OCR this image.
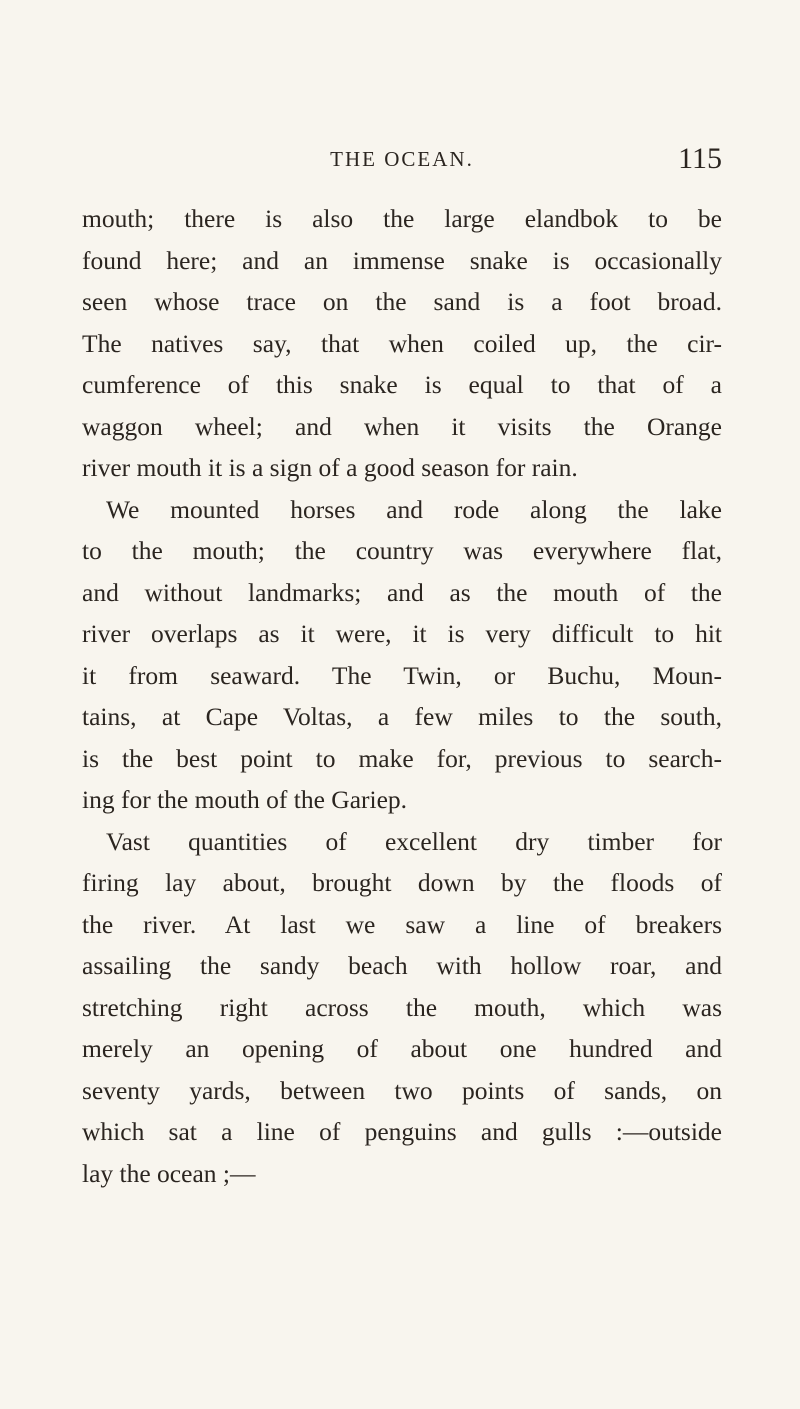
THE OCEAN.	115
mouth; there is also the large elandbok to be
found here; and an immense snake is occasionally
seen whose trace on the sand is a foot broad.
The natives say, that when coiled up, the cir-
cumference of this snake is equal to that of a
waggon wheel; and when it visits the Orange
river mouth it is a sign of a good season for rain.
We mounted horses and rode along the lake
to the mouth; the country was everywhere flat,
and without landmarks; and as the mouth of the
river overlaps as it were, it is very difficult to hit
it from seaward. The Twin, or Buchu, Moun-
tains, at Cape Voltas, a few miles to the south,
is the best point to make for, previous to search-
ing for the mouth of the Gariep.
Vast quantities of excellent dry timber for
firing lay about, brought down by the floods of
the river. At last we saw a line of breakers
assailing the sandy beach with hollow roar, and
stretching right across the mouth, which was
merely an opening of about one hundred and
seventy yards, between two points of sands, on
which sat a line of penguins and gulls :—outside
lay the ocean ;—
